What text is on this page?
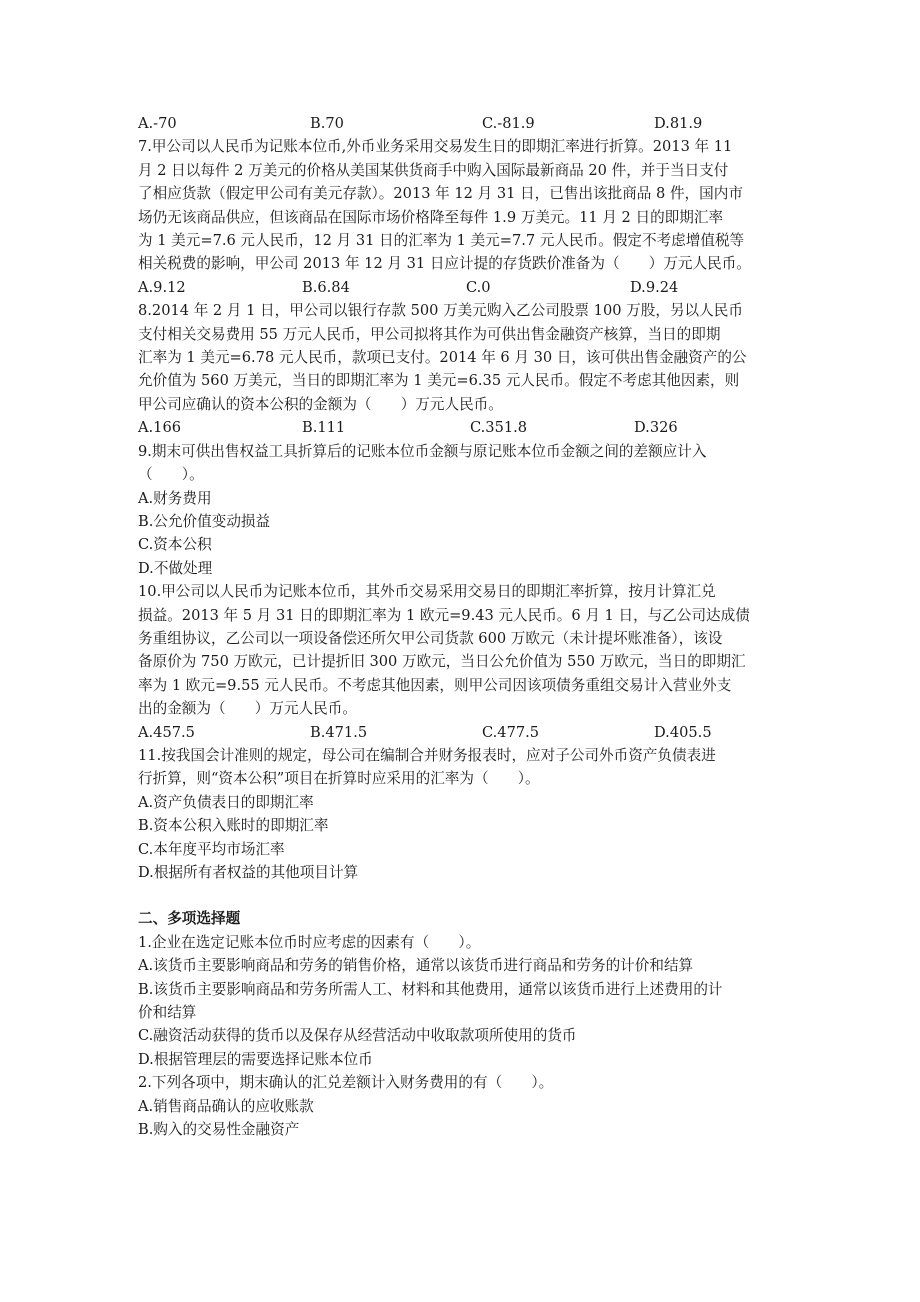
A.-70	B.70	C.-81.9	D.81.9
7.甲公司以人民币为记账本位币,外币业务采用交易发生日的即期汇率进行折算。2013 年 11
月 2 日以每件 2 万美元的价格从美国某供货商手中购入国际最新商品 20 件，并于当日支付
了相应货款（假定甲公司有美元存款）。2013 年 12 月 31 日，已售出该批商品 8 件，国内市
场仍无该商品供应，但该商品在国际市场价格降至每件 1.9 万美元。11 月 2 日的即期汇率
为 1 美元=7.6 元人民币，12 月 31 日的汇率为 1 美元=7.7 元人民币。假定不考虑增值税等
相关税费的影响，甲公司 2013 年 12 月 31 日应计提的存货跌价准备为（　　）万元人民币。
A.9.12	B.6.84	C.0	D.9.24
8.2014 年 2 月 1 日，甲公司以银行存款 500 万美元购入乙公司股票 100 万股，另以人民币
支付相关交易费用 55 万元人民币，甲公司拟将其作为可供出售金融资产核算，当日的即期
汇率为 1 美元=6.78 元人民币，款项已支付。2014 年 6 月 30 日，该可供出售金融资产的公
允价值为 560 万美元，当日的即期汇率为 1 美元=6.35 元人民币。假定不考虑其他因素，则
甲公司应确认的资本公积的金额为（　　）万元人民币。
A.166	B.111	C.351.8	D.326
9.期末可供出售权益工具折算后的记账本位币金额与原记账本位币金额之间的差额应计入
（　　）。
A.财务费用
B.公允价值变动损益
C.资本公积
D.不做处理
10.甲公司以人民币为记账本位币，其外币交易采用交易日的即期汇率折算，按月计算汇兑
损益。2013 年 5 月 31 日的即期汇率为 1 欧元=9.43 元人民币。6 月 1 日，与乙公司达成债
务重组协议，乙公司以一项设备偿还所欠甲公司货款 600 万欧元（未计提坏账准备），该设
备原价为 750 万欧元，已计提折旧 300 万欧元，当日公允价值为 550 万欧元，当日的即期汇
率为 1 欧元=9.55 元人民币。不考虑其他因素，则甲公司因该项债务重组交易计入营业外支
出的金额为（　　）万元人民币。
A.457.5	B.471.5	C.477.5	D.405.5
11.按我国会计准则的规定，母公司在编制合并财务报表时，应对子公司外币资产负债表进
行折算，则“资本公积”项目在折算时应采用的汇率为（　　）。
A.资产负债表日的即期汇率
B.资本公积入账时的即期汇率
C.本年度平均市场汇率
D.根据所有者权益的其他项目计算
二、多项选择题
1.企业在选定记账本位币时应考虑的因素有（　　）。
A.该货币主要影响商品和劳务的销售价格，通常以该货币进行商品和劳务的计价和结算
B.该货币主要影响商品和劳务所需人工、材料和其他费用，通常以该货币进行上述费用的计
价和结算
C.融资活动获得的货币以及保存从经营活动中收取款项所使用的货币
D.根据管理层的需要选择记账本位币
2.下列各项中，期末确认的汇兑差额计入财务费用的有（　　）。
A.销售商品确认的应收账款
B.购入的交易性金融资产
